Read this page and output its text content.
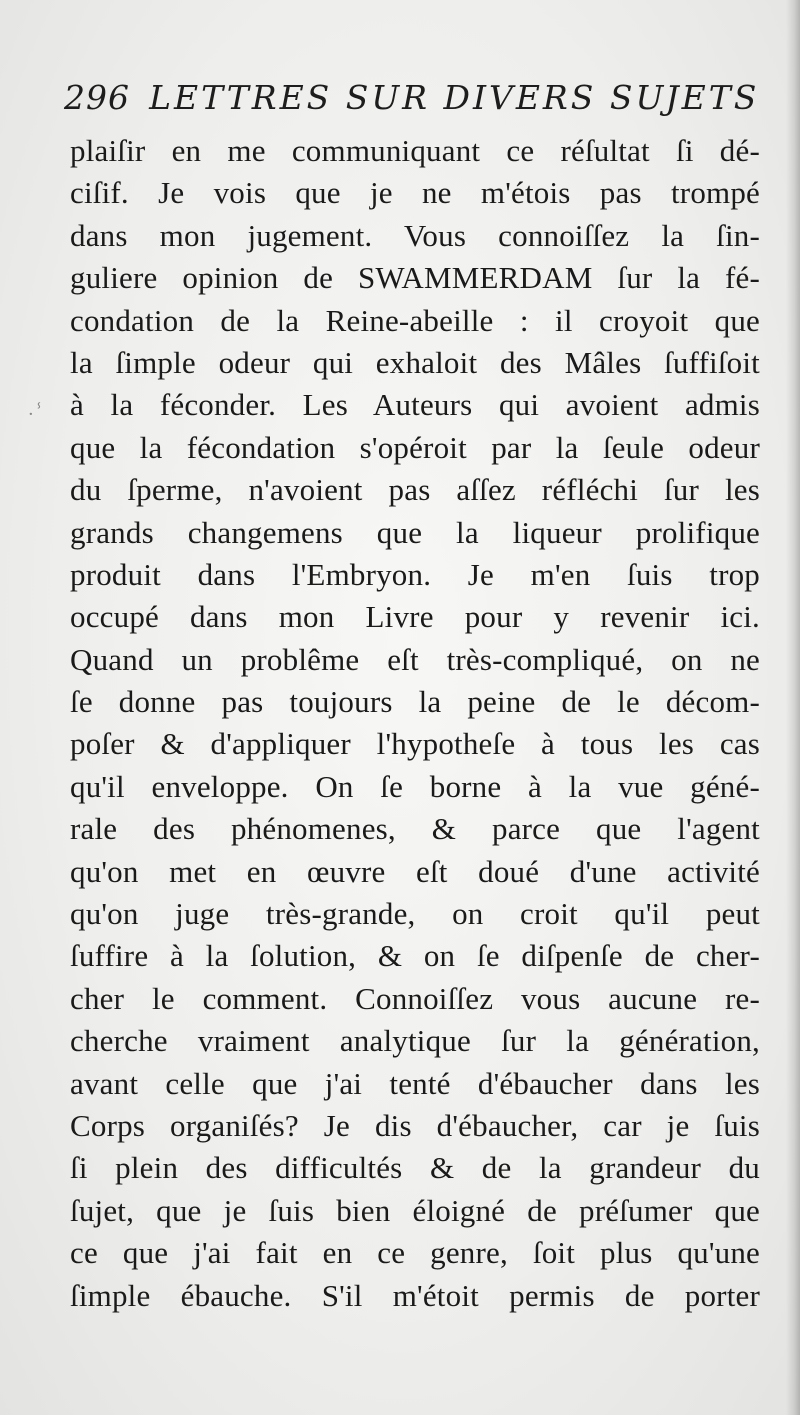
296 LETTRES SUR DIVERS SUJETS
·ⸯ
plaiſir en me communiquant ce réſultat ſi dé-
ciſif. Je vois que je ne m'étois pas trompé
dans mon jugement. Vous connoiſſez la ſin-
guliere opinion de SWAMMERDAM ſur la fé-
condation de la Reine-abeille : il croyoit que
la ſimple odeur qui exhaloit des Mâles ſuffiſoit
à la féconder. Les Auteurs qui avoient admis
que la fécondation s'opéroit par la ſeule odeur
du ſperme, n'avoient pas aſſez réfléchi ſur les
grands changemens que la liqueur prolifique
produit dans l'Embryon. Je m'en ſuis trop
occupé dans mon Livre pour y revenir ici.
Quand un problême eſt très-compliqué, on ne
ſe donne pas toujours la peine de le décom-
poſer & d'appliquer l'hypotheſe à tous les cas
qu'il enveloppe. On ſe borne à la vue géné-
rale des phénomenes, & parce que l'agent
qu'on met en œuvre eſt doué d'une activité
qu'on juge très-grande, on croit qu'il peut
ſuffire à la ſolution, & on ſe diſpenſe de cher-
cher le comment. Connoiſſez vous aucune re-
cherche vraiment analytique ſur la génération,
avant celle que j'ai tenté d'ébaucher dans les
Corps organiſés? Je dis d'ébaucher, car je ſuis
ſi plein des difficultés & de la grandeur du
ſujet, que je ſuis bien éloigné de préſumer que
ce que j'ai fait en ce genre, ſoit plus qu'une
ſimple ébauche. S'il m'étoit permis de porter
